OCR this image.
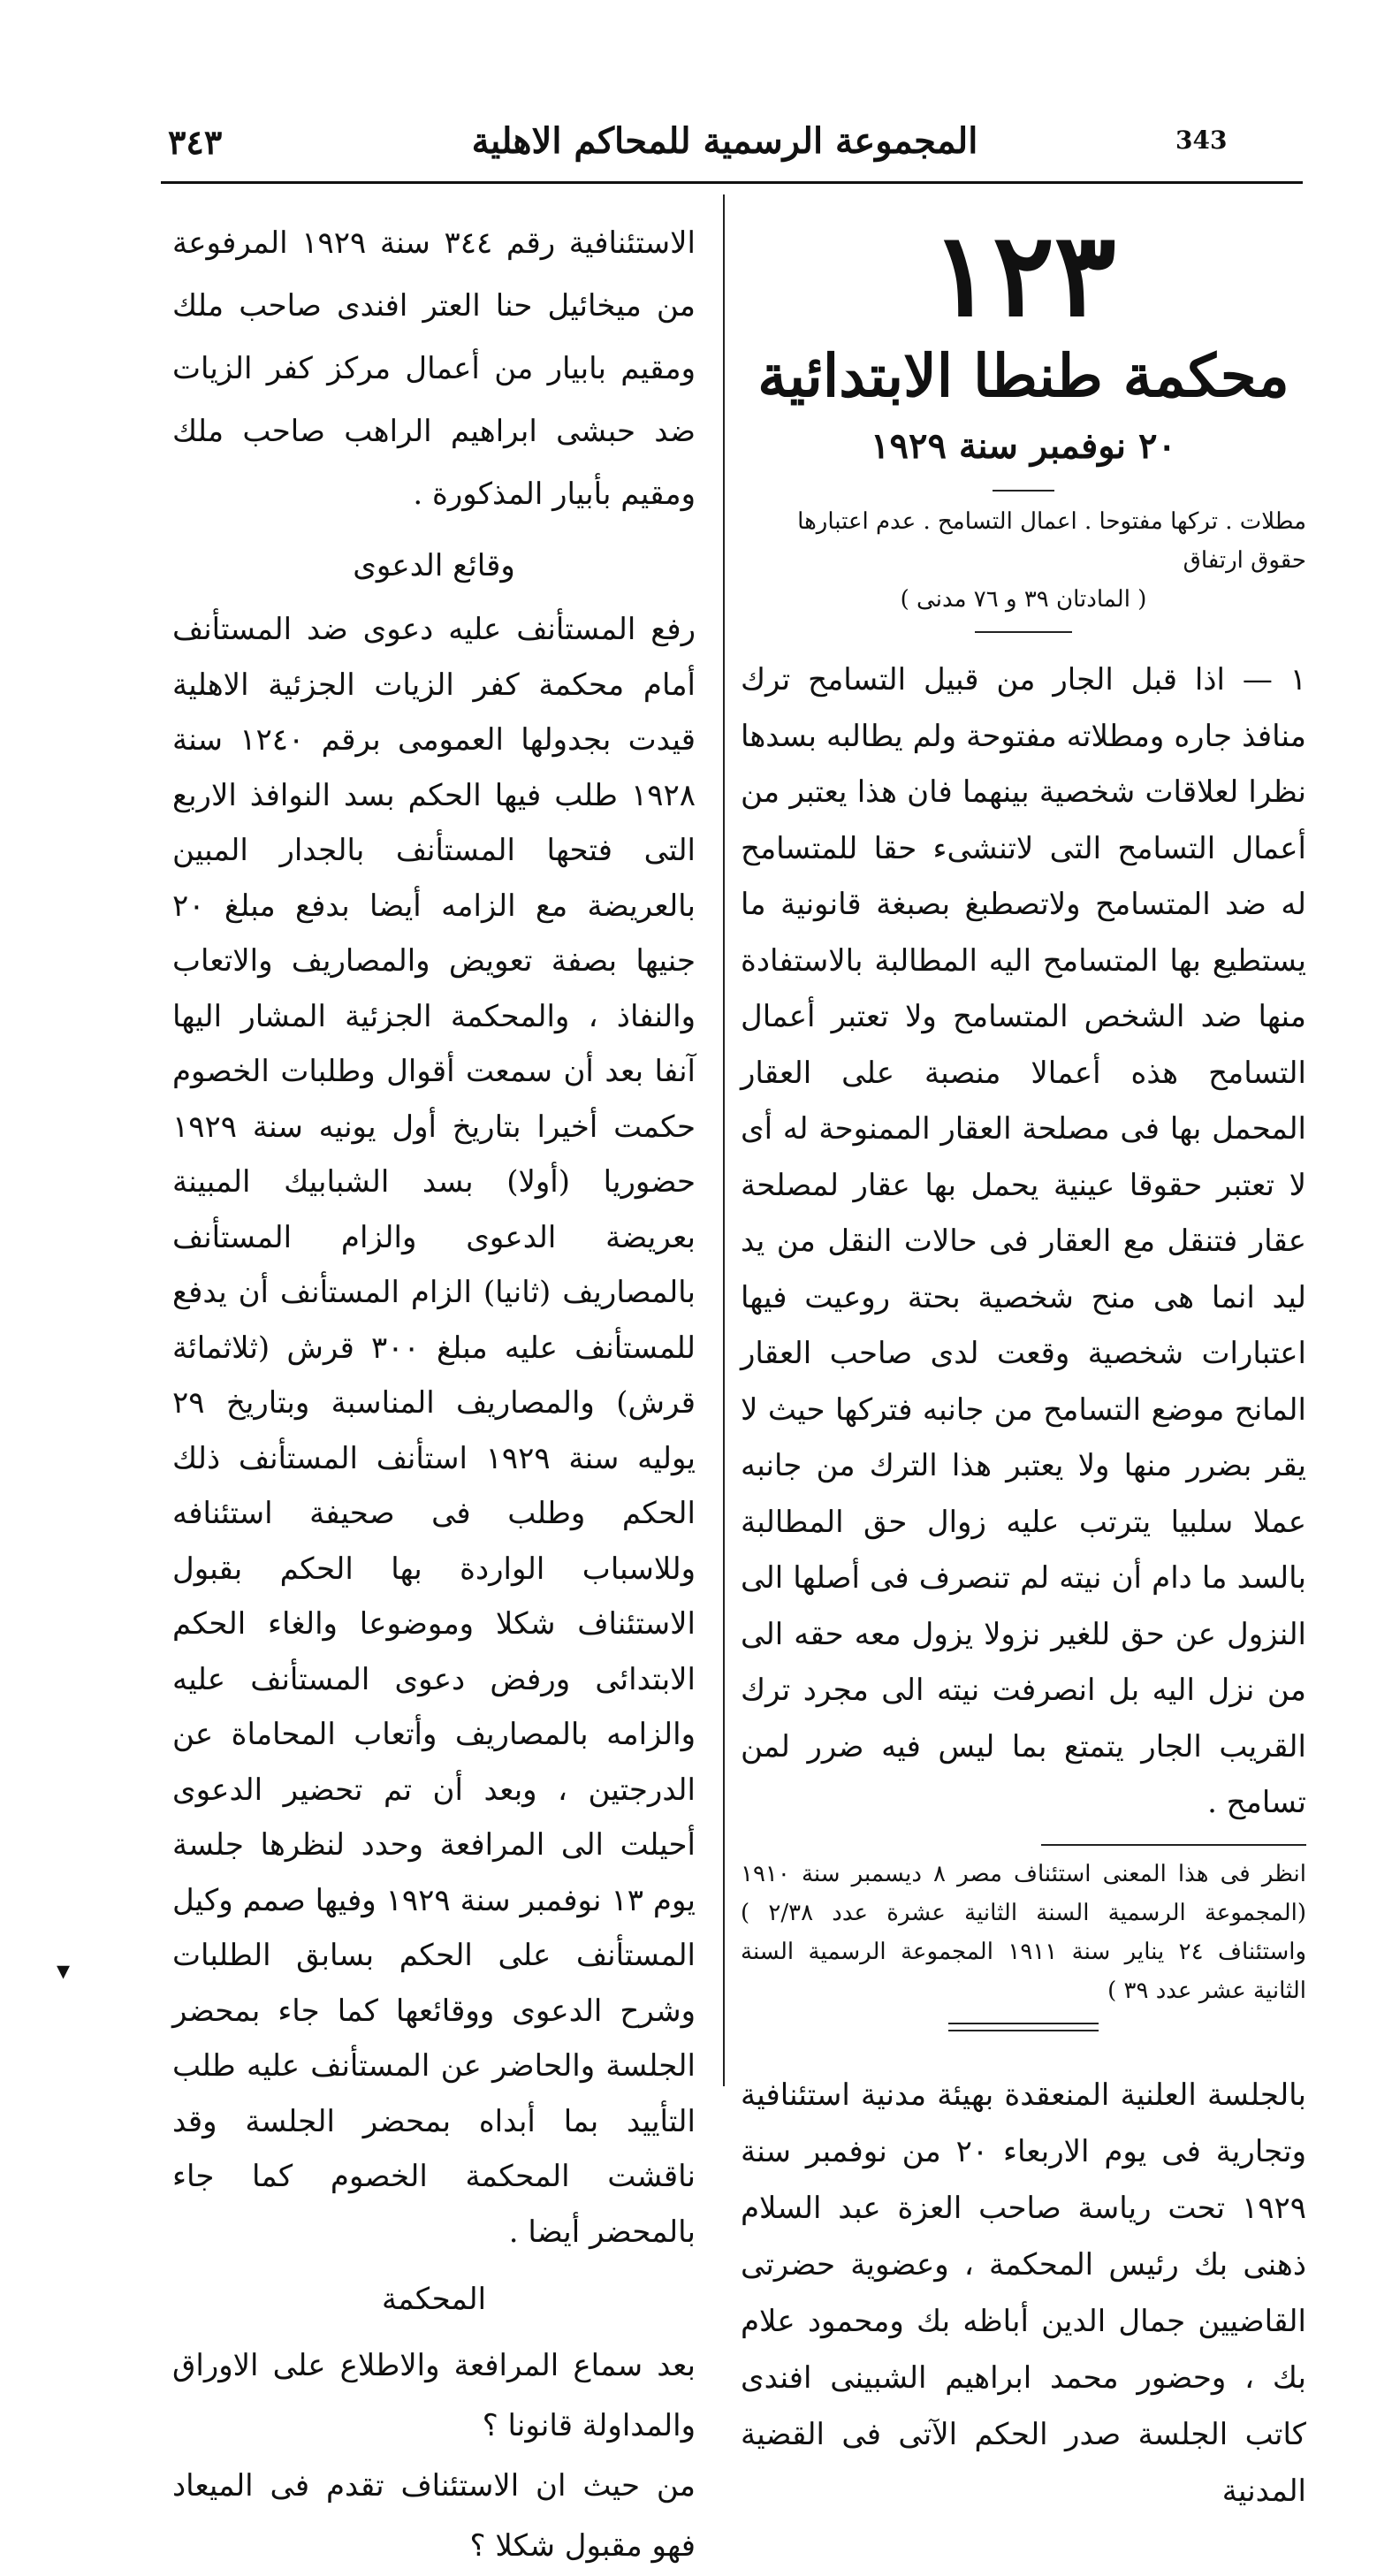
343
المجموعة الرسمية للمحاكم الاهلية
٣٤٣
١٢٣
محكمة طنطا الابتدائية
٢٠ نوفمبر سنة ١٩٢٩

مطلات . تركها مفتوحا . اعمال التسامح . عدم اعتبارها حقوق ارتفاق

( المادتان ٣٩ و ٧٦ مدنى )

١ — اذا قبل الجار من قبيل التسامح ترك منافذ جاره ومطلاته مفتوحة ولم يطالبه بسدها نظرا لعلاقات شخصية بينهما فان هذا يعتبر من أعمال التسامح التى لاتنشىء حقا للمتسامح له ضد المتسامح ولاتصطبغ بصبغة قانونية ما يستطيع بها المتسامح اليه المطالبة بالاستفادة منها ضد الشخص المتسامح ولا تعتبر أعمال التسامح هذه أعمالا منصبة على العقار المحمل بها فى مصلحة العقار الممنوحة له أى لا تعتبر حقوقا عينية يحمل بها عقار لمصلحة عقار فتنقل مع العقار فى حالات النقل من يد ليد انما هى منح شخصية بحتة روعيت فيها اعتبارات شخصية وقعت لدى صاحب العقار المانح موضع التسامح من جانبه فتركها حيث لا يقر بضرر منها ولا يعتبر هذا الترك من جانبه عملا سلبيا يترتب عليه زوال حق المطالبة بالسد ما دام أن نيته لم تنصرف فى أصلها الى النزول عن حق للغير نزولا يزول معه حقه الى من نزل اليه بل انصرفت نيته الى مجرد ترك القريب الجار يتمتع بما ليس فيه ضرر لمن تسامح .

انظر فى هذا المعنى استئناف مصر ٨ ديسمبر سنة ١٩١٠ (المجموعة الرسمية السنة الثانية عشرة عدد ٢/٣٨ ) واستئناف ٢٤ يناير سنة ١٩١١ المجموعة الرسمية السنة الثانية عشر عدد ٣٩ )

بالجلسة العلنية المنعقدة بهيئة مدنية استئنافية وتجارية فى يوم الاربعاء ٢٠ من نوفمبر سنة ١٩٢٩ تحت رياسة صاحب العزة عبد السلام ذهنى بك رئيس المحكمة ، وعضوية حضرتى القاضيين جمال الدين أباظه بك ومحمود علام بك ، وحضور محمد ابراهيم الشبينى افندى كاتب الجلسة صدر الحكم الآتى فى القضية المدنية

الاستئنافية رقم ٣٤٤ سنة ١٩٢٩ المرفوعة من ميخائيل حنا العتر افندى صاحب ملك ومقيم بابيار من أعمال مركز كفر الزيات ضد حبشى ابراهيم الراهب صاحب ملك ومقيم بأبيار المذكورة .

وقائع الدعوى

رفع المستأنف عليه دعوى ضد المستأنف أمام محكمة كفر الزيات الجزئية الاهلية قيدت بجدولها العمومى برقم ١٢٤٠ سنة ١٩٢٨ طلب فيها الحكم بسد النوافذ الاربع التى فتحها المستأنف بالجدار المبين بالعريضة مع الزامه أيضا بدفع مبلغ ٢٠ جنيها بصفة تعويض والمصاريف والاتعاب والنفاذ ، والمحكمة الجزئية المشار اليها آنفا بعد أن سمعت أقوال وطلبات الخصوم حكمت أخيرا بتاريخ أول يونيه سنة ١٩٢٩ حضوريا (أولا) بسد الشبابيك المبينة بعريضة الدعوى والزام المستأنف بالمصاريف (ثانيا) الزام المستأنف أن يدفع للمستأنف عليه مبلغ ٣٠٠ قرش (ثلاثمائة قرش) والمصاريف المناسبة وبتاريخ ٢٩ يوليه سنة ١٩٢٩ استأنف المستأنف ذلك الحكم وطلب فى صحيفة استئنافه وللاسباب الواردة بها الحكم بقبول الاستئناف شكلا وموضوعا والغاء الحكم الابتدائى ورفض دعوى المستأنف عليه والزامه بالمصاريف وأتعاب المحاماة عن الدرجتين ، وبعد أن تم تحضير الدعوى أحيلت الى المرافعة وحدد لنظرها جلسة يوم ١٣ نوفمبر سنة ١٩٢٩ وفيها صمم وكيل المستأنف على الحكم بسابق الطلبات وشرح الدعوى ووقائعها كما جاء بمحضر الجلسة والحاضر عن المستأنف عليه طلب التأييد بما أبداه بمحضر الجلسة وقد ناقشت المحكمة الخصوم كما جاء بالمحضر أيضا .

المحكمة

بعد سماع المرافعة والاطلاع على الاوراق والمداولة قانونا ؟

من حيث ان الاستئناف تقدم فى الميعاد فهو مقبول شكلا ؟

▾
